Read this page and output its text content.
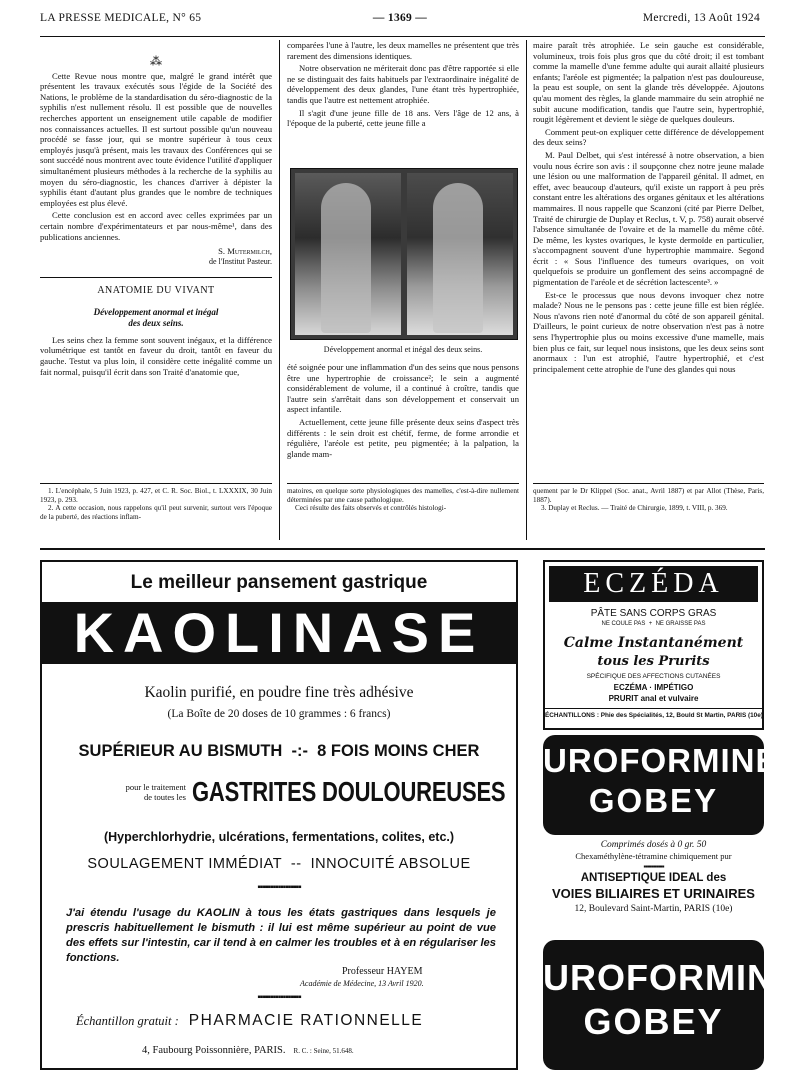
LA PRESSE MEDICALE, N° 65	— 1369 —	Mercredi, 13 Août 1924
⁂

Cette Revue nous montre que, malgré le grand intérêt que présentent les travaux exécutés sous l'égide de la Société des Nations, le problème de la standardisation du séro-diagnostic de la syphilis n'est nullement résolu. Il est possible que de nouvelles recherches apportent un enseignement utile capable de modifier nos connaissances actuelles. Il est surtout possible qu'un nouveau procédé se fasse jour, qui se montre supérieur à tous ceux employés jusqu'à présent, mais les travaux des Conférences qui se sont succédé nous montrent avec toute évidence l'utilité d'appliquer simultanément plusieurs méthodes à la recherche de la syphilis au moyen du séro-diagnostic, les chances d'arriver à dépister la syphilis étant d'autant plus grandes que le nombre de techniques employées est plus élevé.

Cette conclusion est en accord avec celles exprimées par un certain nombre d'expérimentateurs et par nous-même¹, dans des publications anciennes.

S. Mutermilch,
de l'Institut Pasteur.
ANATOMIE DU VIVANT
Développement anormal et inégal
des deux seins.

Les seins chez la femme sont souvent inégaux, et la différence volumétrique est tantôt en faveur du droit, tantôt en faveur du gauche. Testut va plus loin, il considère cette inégalité comme un fait normal, puisqu'il écrit dans son Traité d'anatomie que,

1. L'encéphale, 5 Juin 1923, p. 427, et C. R. Soc. Biol., t. LXXXIX, 30 Juin 1923, p. 293.

2. A cette occasion, nous rappelons qu'il peut survenir, surtout vers l'époque de la puberté, des réactions inflam-

comparées l'une à l'autre, les deux mamelles ne présentent que très rarement des dimensions identiques.

Notre observation ne mériterait donc pas d'être rapportée si elle ne se distinguait des faits habituels par l'extraordinaire inégalité de développement des deux glandes, l'une étant très hypertrophiée, tandis que l'autre est nettement atrophiée.

Il s'agit d'une jeune fille de 18 ans. Vers l'âge de 12 ans, à l'époque de la puberté, cette jeune fille a

Développement anormal et inégal des deux seins.

été soignée pour une inflammation d'un des seins que nous pensons être une hypertrophie de croissance²; le sein a augmenté considérablement de volume, il a continué à croître, tandis que l'autre sein s'arrêtait dans son développement et conservait un aspect infantile.

Actuellement, cette jeune fille présente deux seins d'aspect très différents : le sein droit est chétif, ferme, de forme arrondie et régulière, l'aréole est petite, peu pigmentée; à la palpation, la glande mam-

matoires, en quelque sorte physiologiques des mamelles, c'est-à-dire nullement déterminées par une cause pathologique.

Ceci résulte des faits observés et contrôlés histologi-

maire paraît très atrophiée. Le sein gauche est considérable, volumineux, trois fois plus gros que du côté droit; il est tombant comme la mamelle d'une femme adulte qui aurait allaité plusieurs enfants; l'aréole est pigmentée; la palpation n'est pas douloureuse, la peau est souple, on sent la glande très développée. Ajoutons qu'au moment des règles, la glande mammaire du sein atrophié ne subit aucune modification, tandis que l'autre sein, hypertrophié, rougit légèrement et devient le siège de quelques douleurs.

Comment peut-on expliquer cette différence de développement des deux seins?

M. Paul Delbet, qui s'est intéressé à notre observation, a bien voulu nous écrire son avis : il soupçonne chez notre jeune malade une lésion ou une malformation de l'appareil génital. Il admet, en effet, avec beaucoup d'auteurs, qu'il existe un rapport à peu près constant entre les altérations des organes génitaux et les altérations mammaires. Il nous rappelle que Scanzoni (cité par Pierre Delbet, Traité de chirurgie de Duplay et Reclus, t. V, p. 758) aurait observé l'absence simultanée de l'ovaire et de la mamelle du même côté. De même, les kystes ovariques, le kyste dermoïde en particulier, s'accompagnent souvent d'une hypertrophie mammaire. Segond écrit : « Sous l'influence des tumeurs ovariques, on voit quelquefois se produire un gonflement des seins accompagné de pigmentation de l'aréole et de sécrétion lactescente³. »

Est-ce le processus que nous devons invoquer chez notre malade? Nous ne le pensons pas : cette jeune fille est bien réglée. Nous n'avons rien noté d'anormal du côté de son appareil génital. D'ailleurs, le point curieux de notre observation n'est pas à notre sens l'hypertrophie plus ou moins excessive d'une mamelle, mais bien plus ce fait, sur lequel nous insistons, que les deux seins sont anormaux : l'un est atrophié, l'autre hypertrophié, et c'est principalement cette atrophie de l'une des glandes qui nous

quement par le Dr Klippel (Soc. anat., Avril 1887) et par Allot (Thèse, Paris, 1887).

3. Duplay et Reclus. — Traité de Chirurgie, 1899, t. VIII, p. 369.

Le meilleur pansement gastrique
KAOLINASE
Kaolin purifié, en poudre fine très adhésive
(La Boîte de 20 doses de 10 grammes : 6 francs)
SUPÉRIEUR AU BISMUTH  -:-  8 FOIS MOINS CHER
pour le traitement
de toutes les GASTRITES DOULOUREUSES
(Hyperchlorhydrie, ulcérations, fermentations, colites, etc.)
SOULAGEMENT IMMÉDIAT  --  INNOCUITÉ ABSOLUE
▪▪▪▪▪▪▪▪▪▪▪▪▪▪▪▪▪
J'ai étendu l'usage du KAOLIN à tous les états gastriques dans lesquels je prescris habituellement le bismuth : il lui est même supérieur au point de vue des effets sur l'intestin, car il tend à en calmer les troubles et à en régulariser les fonctions.
Professeur HAYEM
Académie de Médecine, 13 Avril 1920.
▪▪▪▪▪▪▪▪▪▪▪▪▪▪▪▪▪
Échantillon gratuit : PHARMACIE RATIONNELLE
4, Faubourg Poissonnière, PARIS. R. C. : Seine, 51.648.
ECZÉDA
PÂTE SANS CORPS GRAS
NE COULE PAS  +  NE GRAISSE PAS
Calme Instantanément
tous les Prurits
SPÉCIFIQUE DES AFFECTIONS CUTANÉES
ECZÉMA · IMPÉTIGO
PRURIT anal et vulvaire
ÉCHANTILLONS : Phie des Spécialités, 12, Bould St Martin, PARIS (10e)
UROFORMINE
GOBEY
Comprimés dosés à 0 gr. 50
Chexaméthylène-tétramine chimiquement pur
▪▪▪▪▪▪▪▪▪▪▪
ANTISEPTIQUE IDEAL des
VOIES BILIAIRES ET URINAIRES
12, Boulevard Saint-Martin, PARIS (10e)
UROFORMINE
GOBEY
